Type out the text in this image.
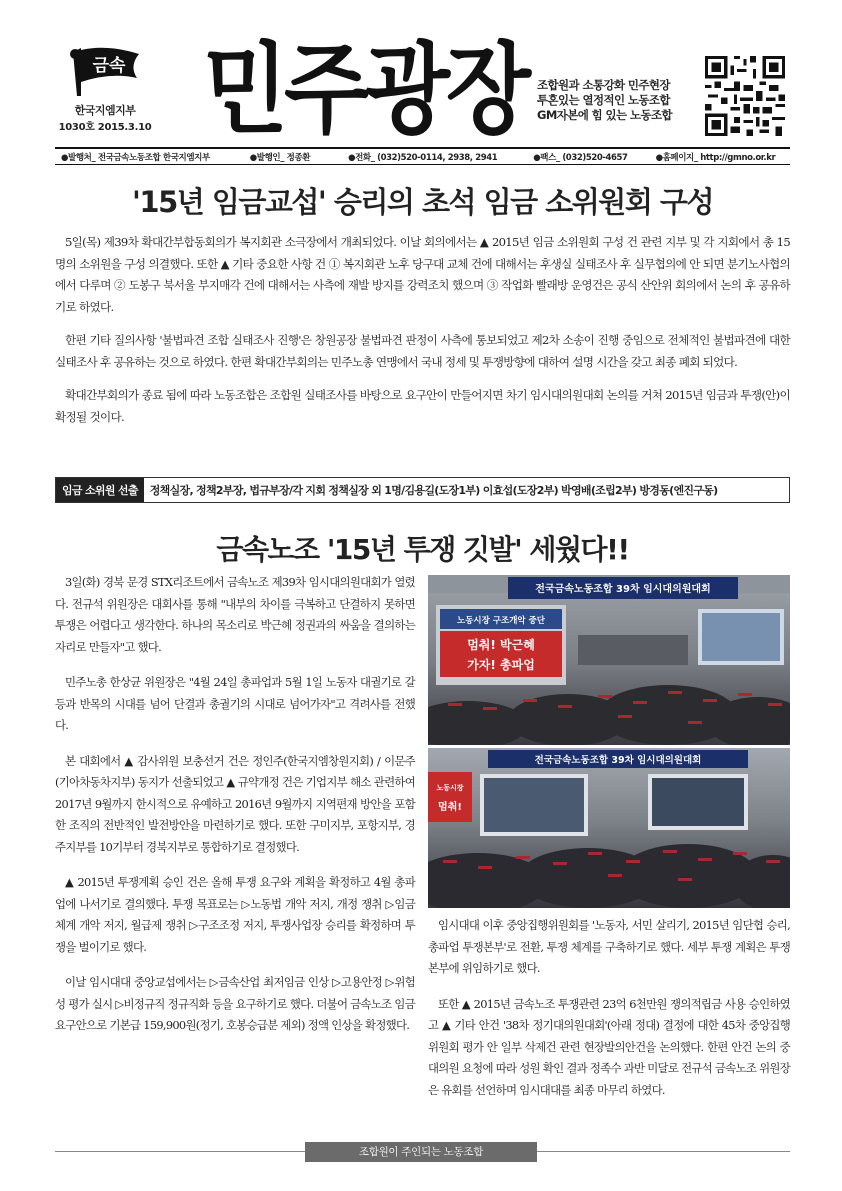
금속
한국지엠지부
1030호 2015.3.10 민주광장 조합원과 소통강화 민주현장
투혼있는 열정적인 노동조합
GM자본에 힘 있는 노동조합
●발행처_ 전국금속노동조합 한국지엠지부	●발행인_ 정종환	●전화_ (032)520-0114, 2938, 2941	●팩스_ (032)520-4657	●홈페이지_ http://gmno.or.kr
'15년 임금교섭' 승리의 초석 임금 소위원회 구성

5일(목) 제39차 확대간부합동회의가 복지회관 소극장에서 개최되었다. 이날 회의에서는 ▲ 2015년 임금 소위원회 구성 건 관련 지부 및 각 지회에서 총 15명의 소위원을 구성 의결했다. 또한 ▲ 기타 중요한 사항 건 ① 복지회관 노후 당구대 교체 건에 대해서는 후생실 실태조사 후 실무협의에 안 되면 분기노사협의에서 다루며 ② 도봉구 북서울 부지매각 건에 대해서는 사측에 재발 방지를 강력조치 했으며 ③ 작업화 빨래방 운영건은 공식 산안위 회의에서 논의 후 공유하기로 하였다.

한편 기타 질의사항 '불법파견 조합 실태조사 진행'은 창원공장 불법파견 판정이 사측에 통보되었고 제2차 소송이 진행 중임으로 전체적인 불법파견에 대한 실태조사 후 공유하는 것으로 하였다. 한편 확대간부회의는 민주노총 연맹에서 국내 정세 및 투쟁방향에 대하여 설명 시간을 갖고 최종 폐회 되었다.

확대간부회의가 종료 됨에 따라 노동조합은 조합원 실태조사를 바탕으로 요구안이 만들어지면 차기 임시대의원대회 논의를 거쳐 2015년 임금과 투쟁(안)이 확정될 것이다.

임금 소위원 선출	정책실장, 정책2부장, 법규부장/각 지회 정책실장 외 1명/김용길(도장1부) 이효섭(도장2부) 박영배(조립2부) 방경동(엔진구동)
금속노조 '15년 투쟁 깃발' 세웠다!!

3일(화) 경북 문경 STX리조트에서 금속노조 제39차 임시대의원대회가 열렸다. 전규석 위원장은 대회사를 통해 "내부의 차이를 극복하고 단결하지 못하면 투쟁은 어렵다고 생각한다. 하나의 목소리로 박근혜 정권과의 싸움을 결의하는 자리로 만들자"고 했다.

민주노총 한상균 위원장은 "4월 24일 총파업과 5월 1일 노동자 대궐기로 갈등과 반목의 시대를 넘어 단결과 총궐기의 시대로 넘어가자"고 격려사를 전했다.

본 대회에서 ▲ 감사위원 보충선거 건은 정인주(한국지엠창원지회) / 이문주(기아차동차지부) 동지가 선출되었고 ▲ 규약개정 건은 기업지부 해소 관련하여 2017년 9월까지 한시적으로 유예하고 2016년 9월까지 지역편재 방안을 포함한 조직의 전반적인 발전방안을 마련하기로 했다. 또한 구미지부, 포항지부, 경주지부를 10기부터 경북지부로 통합하기로 결정했다.

▲ 2015년 투쟁계획 승인 건은 올해 투쟁 요구와 계획을 확정하고 4월 총파업에 나서기로 결의했다. 투쟁 목표로는 ▷노동법 개악 저지, 개정 쟁취 ▷임금체계 개악 저지, 월급제 쟁취 ▷구조조정 저지, 투쟁사업장 승리를 확정하며 투쟁을 벌이기로 했다.

이날 임시대대 중앙교섭에서는 ▷금속산업 최저임금 인상 ▷고용안정 ▷위험성 평가 실시 ▷비정규직 정규직화 등을 요구하기로 했다. 더불어 금속노조 임금요구안으로 기본급 159,900원(정기, 호봉승급분 제외) 정액 인상을 확정했다.

전국금속노동조합 39차 임시대의원대회
노동시장 구조개악 중단
멈춰! 박근혜
가자! 총파업
전국금속노동조합 39차 임시대의원대회
노동시장
멈춰!

임시대대 이후 중앙집행위원회를 '노동자, 서민 살리기, 2015년 임단협 승리, 총파업 투쟁본부'로 전환, 투쟁 체계를 구축하기로 했다. 세부 투쟁 계획은 투쟁본부에 위임하기로 했다.

또한 ▲ 2015년 금속노조 투쟁관련 23억 6천만원 쟁의적립금 사용 승인하였고 ▲ 기타 안건 '38차 정기대의원대회'(아래 정대) 결정에 대한 45차 중앙집행위원회 평가 안 일부 삭제건 관련 현장발의안건을 논의했다. 한편 안건 논의 중 대의원 요청에 따라 성원 확인 결과 정족수 과반 미달로 전규석 금속노조 위원장은 유회를 선언하며 임시대대를 최종 마무리 하였다.

조합원이 주인되는 노동조합
